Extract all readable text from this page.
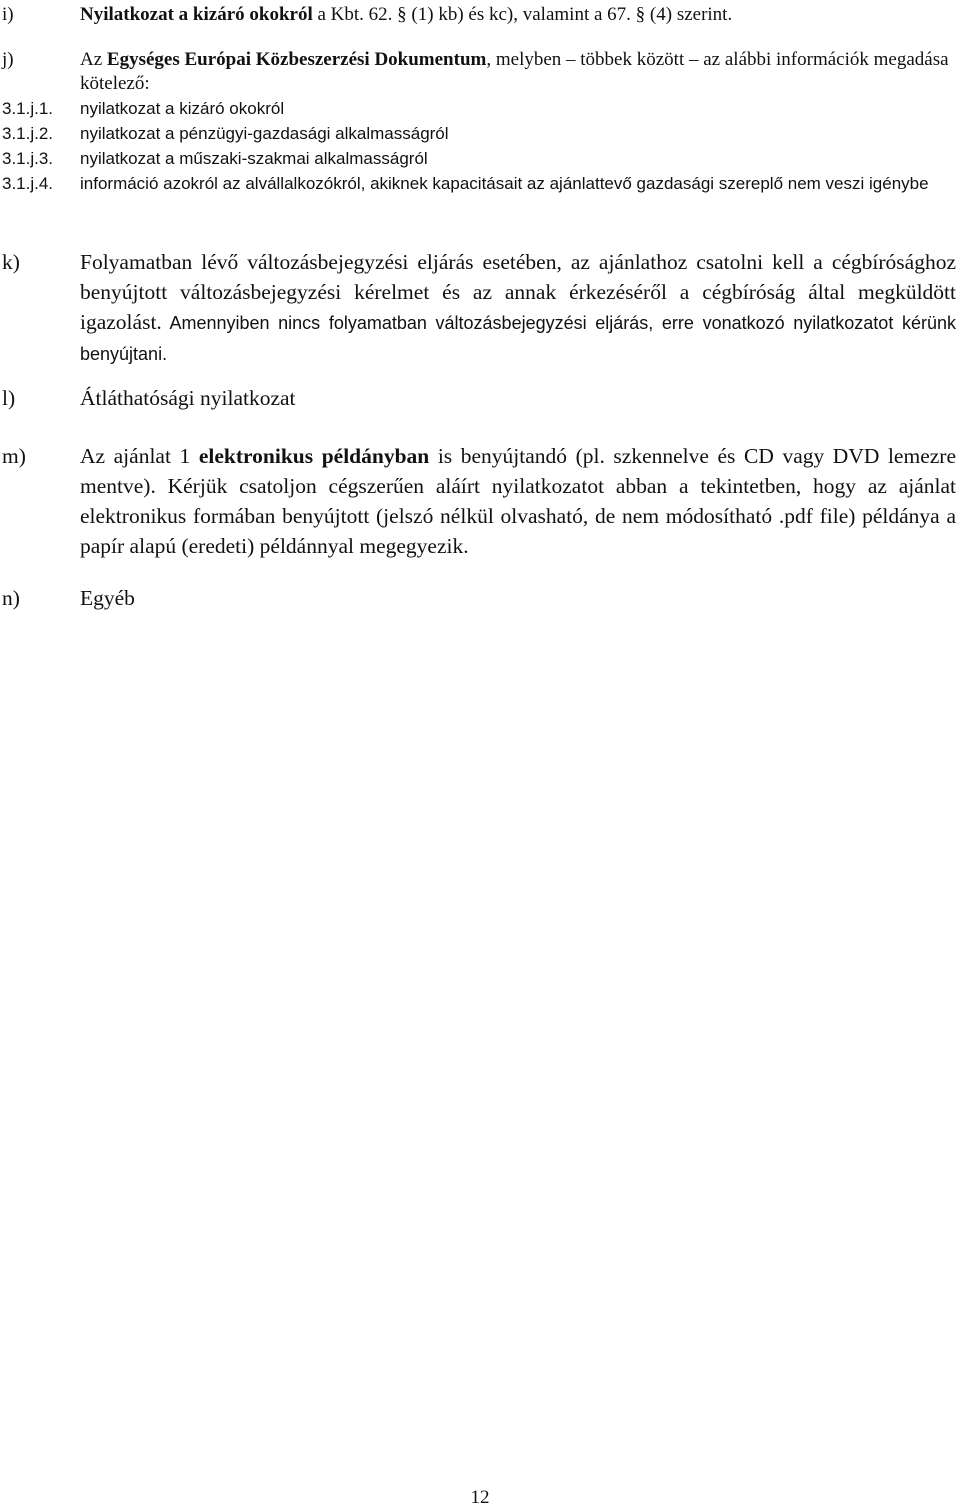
i)	Nyilatkozat a kizáró okokról a Kbt. 62. § (1) kb) és kc), valamint a 67. § (4) szerint.
j)	Az Egységes Európai Közbeszerzési Dokumentum, melyben – többek között – az alábbi információk megadása kötelező:
3.1.j.1. nyilatkozat a kizáró okokról
3.1.j.2. nyilatkozat a pénzügyi-gazdasági alkalmasságról
3.1.j.3. nyilatkozat a műszaki-szakmai alkalmasságról
3.1.j.4. információ azokról az alvállalkozókról, akiknek kapacitásait az ajánlattevő gazdasági szereplő nem veszi igénybe
k)	Folyamatban lévő változásbejegyzési eljárás esetében, az ajánlathoz csatolni kell a cégbírósághoz benyújtott változásbejegyzési kérelmet és az annak érkezéséről a cégbíróság által megküldött igazolást. Amennyiben nincs folyamatban változásbejegyzési eljárás, erre vonatkozó nyilatkozatot kérünk benyújtani.
l)	Átláthatósági nyilatkozat
m)	Az ajánlat 1 elektronikus példányban is benyújtandó (pl. szkennelve és CD vagy DVD lemezre mentve). Kérjük csatoljon cégszerűen aláírt nyilatkozatot abban a tekintetben, hogy az ajánlat elektronikus formában benyújtott (jelszó nélkül olvasható, de nem módosítható .pdf file) példánya a papír alapú (eredeti) példánnyal megegyezik.
n)	Egyéb
12
